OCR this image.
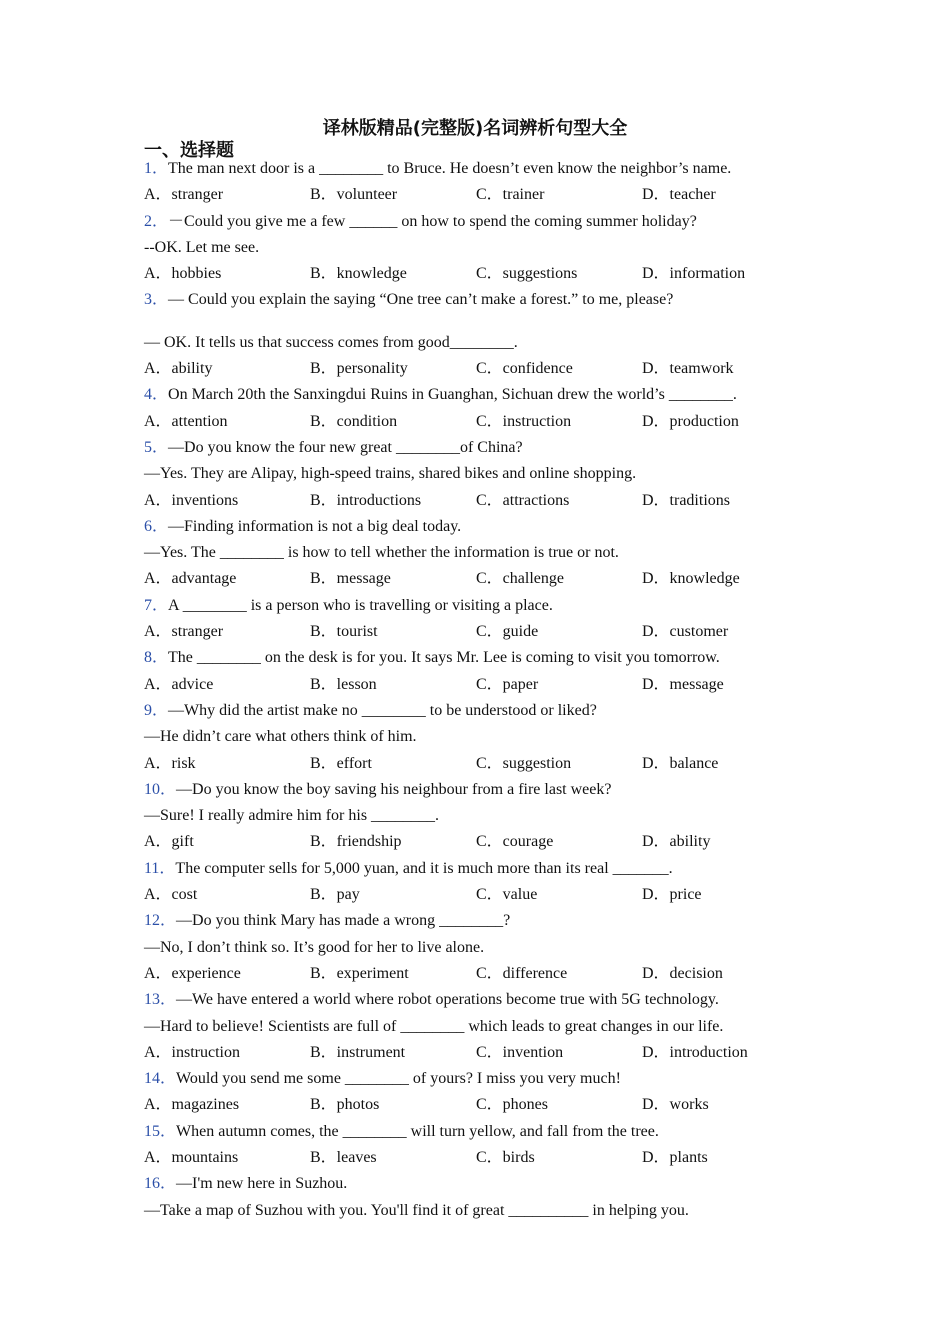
译林版精品(完整版)名词辨析句型大全
一、选择题
1．The man next door is a ________ to Bruce. He doesn’t even know the neighbor’s name.
A．stranger	B．volunteer	C．trainer	D．teacher
2．－Could you give me a few ______ on how to spend the coming summer holiday?
--OK. Let me see.
A．hobbies	B．knowledge	C．suggestions	D．information
3．— Could you explain the saying “One tree can’t make a forest.” to me, please?
— OK. It tells us that success comes from good________.
A．ability	B．personality	C．confidence	D．teamwork
4．On March 20th the Sanxingdui Ruins in Guanghan, Sichuan drew the world’s ________.
A．attention	B．condition	C．instruction	D．production
5．—Do you know the four new great ________of China?
—Yes. They are Alipay, high-speed trains, shared bikes and online shopping.
A．inventions	B．introductions	C．attractions	D．traditions
6．—Finding information is not a big deal today.
—Yes. The ________ is how to tell whether the information is true or not.
A．advantage	B．message	C．challenge	D．knowledge
7．A ________ is a person who is travelling or visiting a place.
A．stranger	B．tourist	C．guide	D．customer
8．The ________ on the desk is for you. It says Mr. Lee is coming to visit you tomorrow.
A．advice	B．lesson	C．paper	D．message
9．—Why did the artist make no ________ to be understood or liked?
—He didn’t care what others think of him.
A．risk	B．effort	C．suggestion	D．balance
10．—Do you know the boy saving his neighbour from a fire last week?
—Sure! I really admire him for his ________.
A．gift	B．friendship	C．courage	D．ability
11．The computer sells for 5,000 yuan, and it is much more than its real _______.
A．cost	B．pay	C．value	D．price
12．—Do you think Mary has made a wrong ________?
—No, I don’t think so. It’s good for her to live alone.
A．experience	B．experiment	C．difference	D．decision
13．—We have entered a world where robot operations become true with 5G technology.
—Hard to believe! Scientists are full of ________ which leads to great changes in our life.
A．instruction	B．instrument	C．invention	D．introduction
14．Would you send me some ________ of yours? I miss you very much!
A．magazines	B．photos	C．phones	D．works
15．When autumn comes, the ________ will turn yellow, and fall from the tree.
A．mountains	B．leaves	C．birds	D．plants
16．—I'm new here in Suzhou.
—Take a map of Suzhou with you. You'll find it of great __________ in helping you.
